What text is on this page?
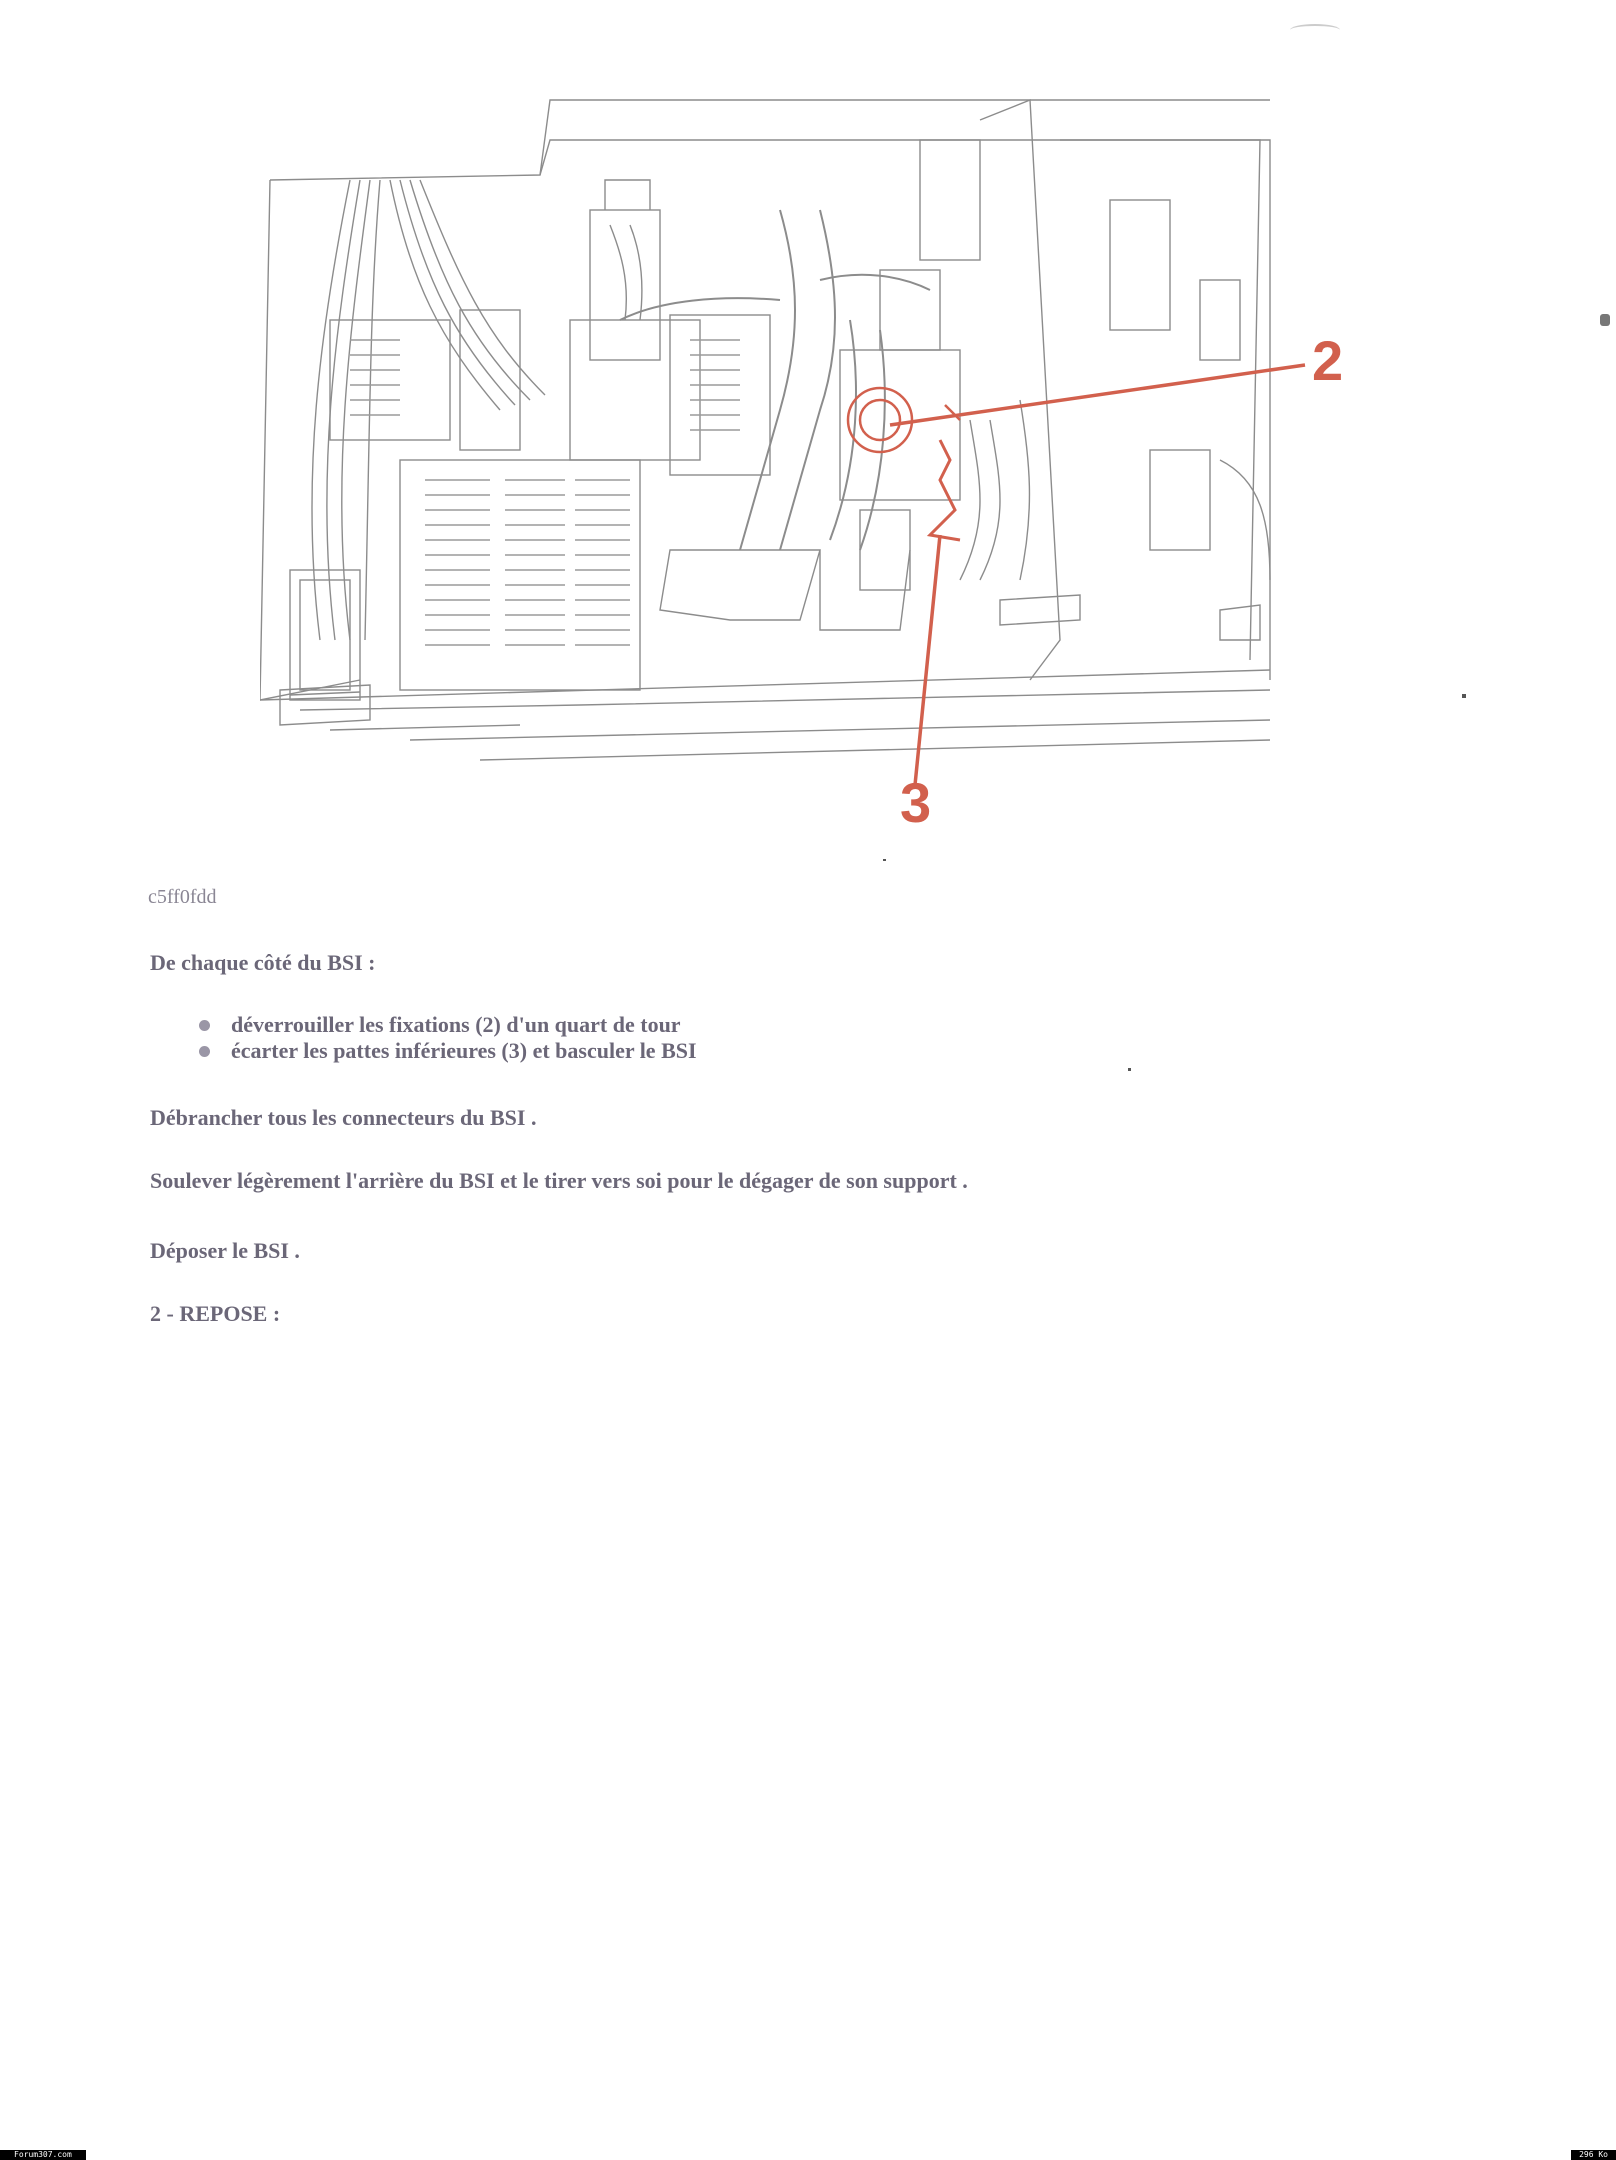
2
3
c5ff0fdd
De chaque côté du BSI :
déverrouiller les fixations (2) d'un quart de tour
écarter les pattes inférieures (3) et basculer le BSI
Débrancher tous les connecteurs du BSI .
Soulever légèrement l'arrière du BSI et le tirer vers soi pour le dégager de son support .
Déposer le BSI .
2 - REPOSE :
Forum307.com	296 Ko
